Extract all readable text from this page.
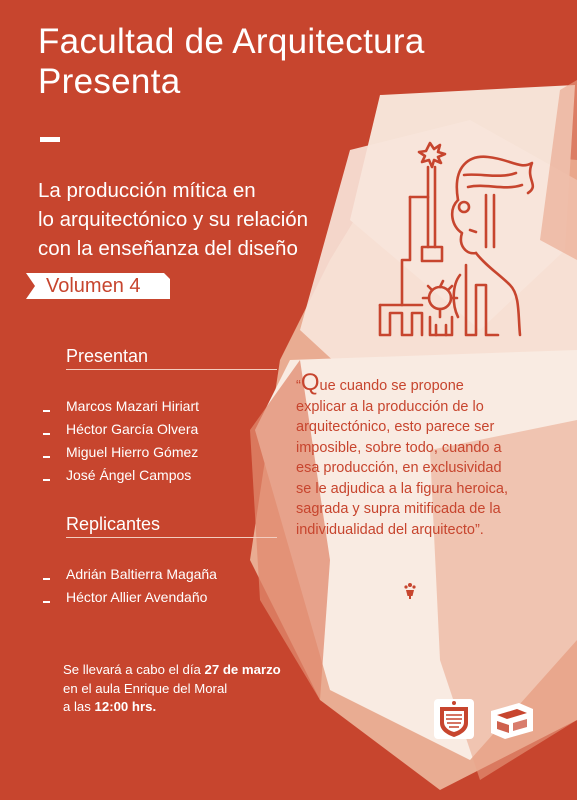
Facultad de Arquitectura
Presenta
La producción mítica en
lo arquitectónico y su relación
con la enseñanza del diseño
Volumen 4
Presentan
Marcos Mazari Hiriart
Héctor García Olvera
Miguel Hierro Gómez
José Ángel Campos
Replicantes
Adrián Baltierra Magaña
Héctor Allier Avendaño
“Que cuando se propone
explicar a la producción de lo
arquitectónico, esto parece ser
imposible, sobre todo, cuando a
esa producción, en exclusividad
se le adjudica a la figura heroica,
sagrada y supra mitificada de la
individualidad del arquitecto”.
Se llevará a cabo el día 27 de marzo
en el aula Enrique del Moral
a las 12:00 hrs.
